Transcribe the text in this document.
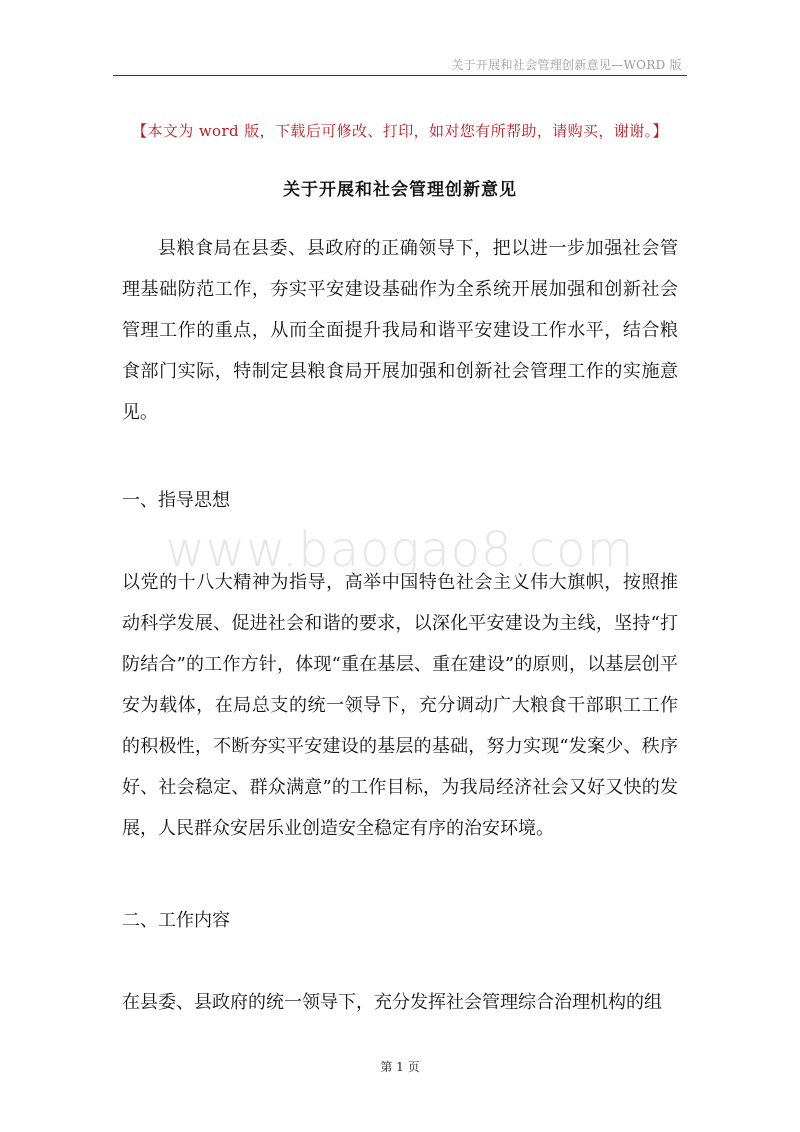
关于开展和社会管理创新意见—WORD 版
【本文为 word 版，下载后可修改、打印，如对您有所帮助，请购买，谢谢。】
关于开展和社会管理创新意见

县粮食局在县委、县政府的正确领导下，把以进一步加强社会管理基础防范工作，夯实平安建设基础作为全系统开展加强和创新社会管理工作的重点，从而全面提升我局和谐平安建设工作水平，结合粮食部门实际，特制定县粮食局开展加强和创新社会管理工作的实施意见。

一、指导思想

www.baogao8.com

以党的十八大精神为指导，高举中国特色社会主义伟大旗帜，按照推动科学发展、促进社会和谐的要求，以深化平安建设为主线，坚持“打防结合”的工作方针，体现“重在基层、重在建设”的原则，以基层创平安为载体，在局总支的统一领导下，充分调动广大粮食干部职工工作的积极性，不断夯实平安建设的基层的基础，努力实现“发案少、秩序好、社会稳定、群众满意”的工作目标，为我局经济社会又好又快的发展，人民群众安居乐业创造安全稳定有序的治安环境。

二、工作内容

在县委、县政府的统一领导下，充分发挥社会管理综合治理机构的组

第 1 页
